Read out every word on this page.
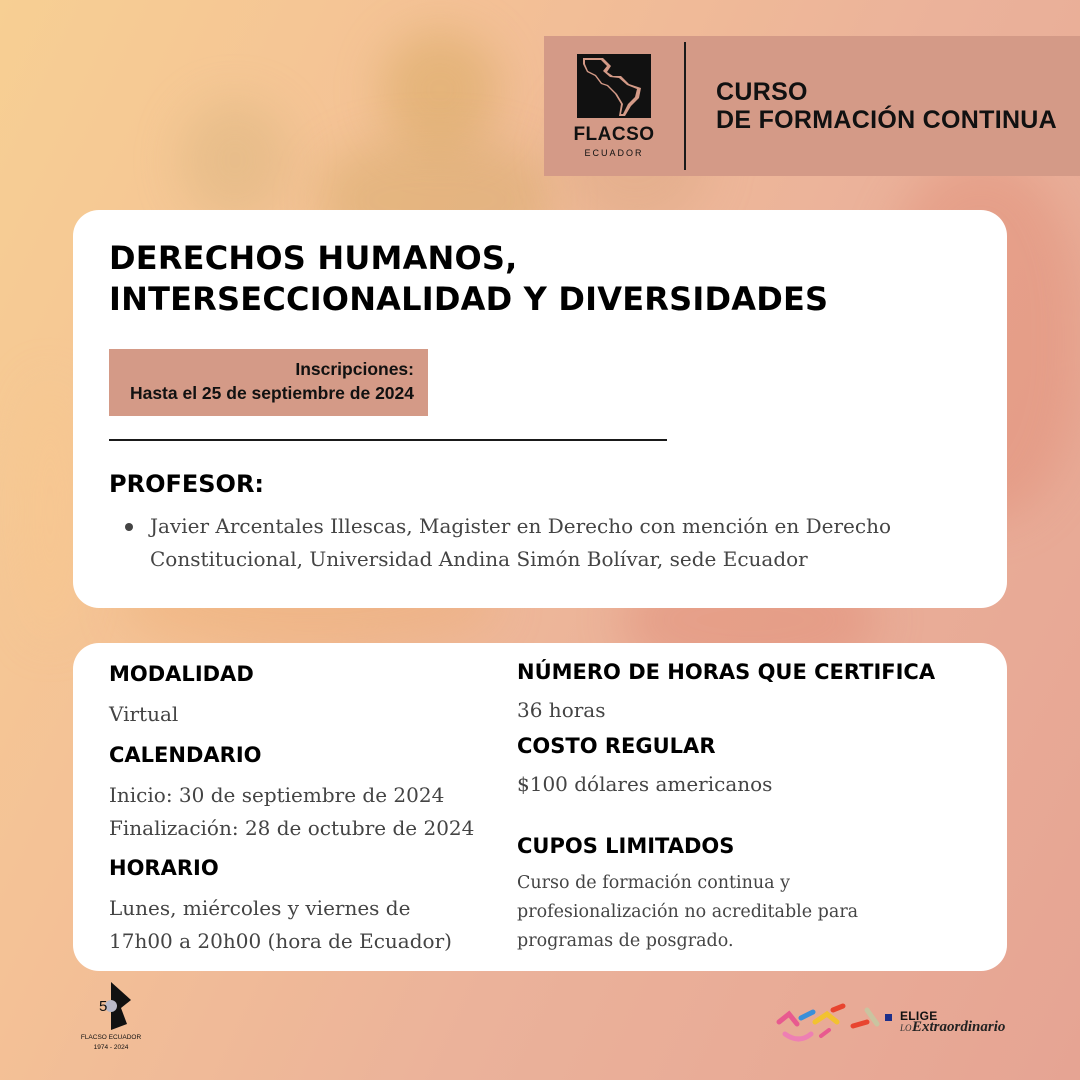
FLACSO
ECUADOR
CURSO
DE FORMACIÓN CONTINUA
DERECHOS HUMANOS,
INTERSECCIONALIDAD Y DIVERSIDADES
Inscripciones:
Hasta el 25 de septiembre de 2024
PROFESOR:
Javier Arcentales Illescas, Magister en Derecho con mención en Derecho Constitucional, Universidad Andina Simón Bolívar, sede Ecuador
MODALIDAD
Virtual
CALENDARIO
Inicio: 30 de septiembre de 2024
Finalización: 28 de octubre de 2024
HORARIO
Lunes, miércoles y viernes de
17h00 a 20h00 (hora de Ecuador)
NÚMERO DE HORAS QUE CERTIFICA
36 horas
COSTO REGULAR
$100 dólares americanos
CUPOS LIMITADOS
Curso de formación continua y
profesionalización no acreditable para
programas de posgrado.
5
FLACSO ECUADOR
1974 - 2024
ELIGE
LO Extraordinario
